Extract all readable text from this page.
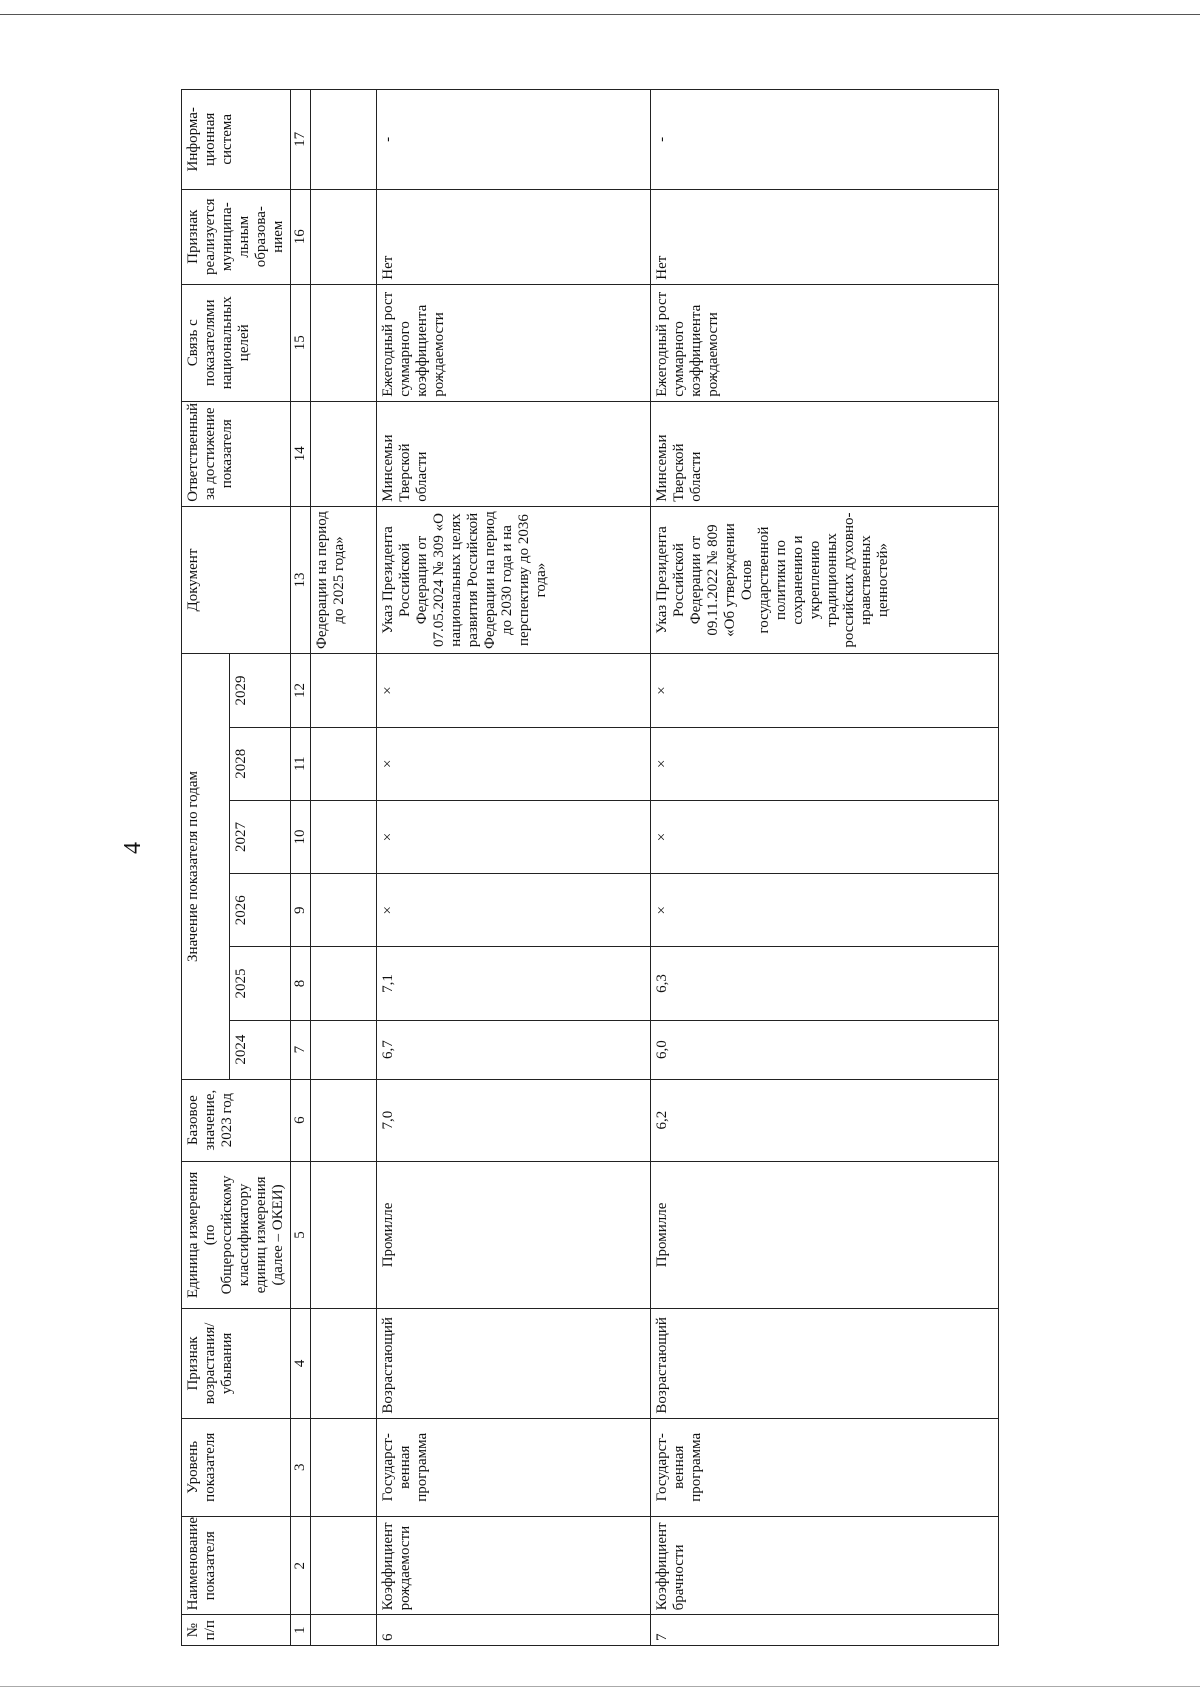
4
№ п/п	Наименование показателя	Уровень показателя	Признак возрастания/ убывания	Единица измерения (по Общероссийскому классификатору единиц измерения (далее – ОКЕИ)	Базовое значение, 2023 год	Значение показателя по годам						Документ	Ответственный за достижение показателя	Связь с показателями национальных целей	Признак реализуется муниципа-льным образова-нием	Информа-ционная система
						2024	2025	2026	2027	2028	2029					
1	2	3	4	5	6	7	8	9	10	11	12	13	14	15	16	17
												Федерации на период до 2025 года»				
6	Коэффициент рождаемости	Государст-венная программа	Возрастающий	Промилле	7,0	6,7	7,1	×	×	×	×	Указ Президента Российской Федерации от 07.05.2024 № 309 «О национальных целях развития Российской Федерации на период до 2030 года и на перспективу до 2036 года»	Минсемьи Тверской области	Ежегодный рост суммарного коэффициента рождаемости	Нет	-
7	Коэффициент брачности	Государст-венная программа	Возрастающий	Промилле	6,2	6,0	6,3	×	×	×	×	Указ Президента Российской Федерации от 09.11.2022 № 809 «Об утверждении Основ государственной политики по сохранению и укреплению традиционных российских духовно-нравственных ценностей»	Минсемьи Тверской области	Ежегодный рост суммарного коэффициента рождаемости	Нет	-
